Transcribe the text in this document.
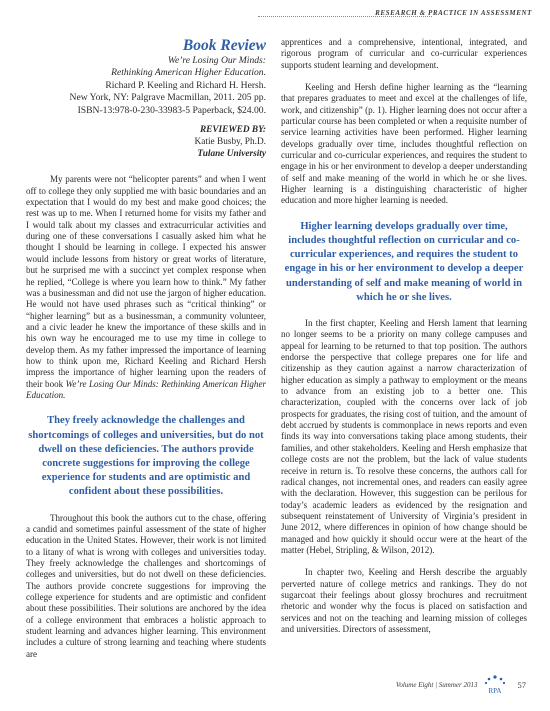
RESEARCH & PRACTICE IN ASSESSMENT
Book Review
We’re Losing Our Minds:
Rethinking American Higher Education.
Richard P. Keeling and Richard H. Hersh.
New York, NY: Palgrave Macmillan, 2011. 205 pp.
ISBN-13:978-0-230-33983-5 Paperback, $24.00.
REVIEWED BY:
Katie Busby, Ph.D.
Tulane University

My parents were not “helicopter parents” and when I went off to college they only supplied me with basic boundaries and an expectation that I would do my best and make good choices; the rest was up to me. When I returned home for visits my father and I would talk about my classes and extracurricular activities and during one of these conversations I casually asked him what he thought I should be learning in college. I expected his answer would include lessons from history or great works of literature, but he surprised me with a succinct yet complex response when he replied, “College is where you learn how to think.” My father was a businessman and did not use the jargon of higher education. He would not have used phrases such as “critical thinking” or “higher learning” but as a businessman, a community volunteer, and a civic leader he knew the importance of these skills and in his own way he encouraged me to use my time in college to develop them. As my father impressed the importance of learning how to think upon me, Richard Keeling and Richard Hersh impress the importance of higher learning upon the readers of their book We’re Losing Our Minds: Rethinking American Higher Education.

They freely acknowledge the challenges and shortcomings of colleges and universities, but do not dwell on these deficiencies. The authors provide concrete suggestions for improving the college experience for students and are optimistic and confident about these possibilities.

Throughout this book the authors cut to the chase, offering a candid and sometimes painful assessment of the state of higher education in the United States. However, their work is not limited to a litany of what is wrong with colleges and universities today. They freely acknowledge the challenges and shortcomings of colleges and universities, but do not dwell on these deficiencies. The authors provide concrete suggestions for improving the college experience for students and are optimistic and confident about these possibilities. Their solutions are anchored by the idea of a college environment that embraces a holistic approach to student learning and advances higher learning. This environment includes a culture of strong learning and teaching where students are

apprentices and a comprehensive, intentional, integrated, and rigorous program of curricular and co-curricular experiences supports student learning and development.

Keeling and Hersh define higher learning as the “learning that prepares graduates to meet and excel at the challenges of life, work, and citizenship” (p. 1). Higher learning does not occur after a particular course has been completed or when a requisite number of service learning activities have been performed. Higher learning develops gradually over time, includes thoughtful reflection on curricular and co-curricular experiences, and requires the student to engage in his or her environment to develop a deeper understanding of self and make meaning of the world in which he or she lives. Higher learning is a distinguishing characteristic of higher education and more higher learning is needed.

Higher learning develops gradually over time, includes thoughtful reflection on curricular and co-curricular experiences, and requires the student to engage in his or her environment to develop a deeper understanding of self and make meaning of world in which he or she lives.

In the first chapter, Keeling and Hersh lament that learning no longer seems to be a priority on many college campuses and appeal for learning to be returned to that top position. The authors endorse the perspective that college prepares one for life and citizenship as they caution against a narrow characterization of higher education as simply a pathway to employment or the means to advance from an existing job to a better one. This characterization, coupled with the concerns over lack of job prospects for graduates, the rising cost of tuition, and the amount of debt accrued by students is commonplace in news reports and even finds its way into conversations taking place among students, their families, and other stakeholders. Keeling and Hersh emphasize that college costs are not the problem, but the lack of value students receive in return is. To resolve these concerns, the authors call for radical changes, not incremental ones, and readers can easily agree with the declaration. However, this suggestion can be perilous for today’s academic leaders as evidenced by the resignation and subsequent reinstatement of University of Virginia’s president in June 2012, where differences in opinion of how change should be managed and how quickly it should occur were at the heart of the matter (Hebel, Stripling, & Wilson, 2012).

In chapter two, Keeling and Hersh describe the arguably perverted nature of college metrics and rankings. They do not sugarcoat their feelings about glossy brochures and recruitment rhetoric and wonder why the focus is placed on satisfaction and services and not on the teaching and learning mission of colleges and universities. Directors of assessment,

Volume Eight | Summer 2013
RPA
57
